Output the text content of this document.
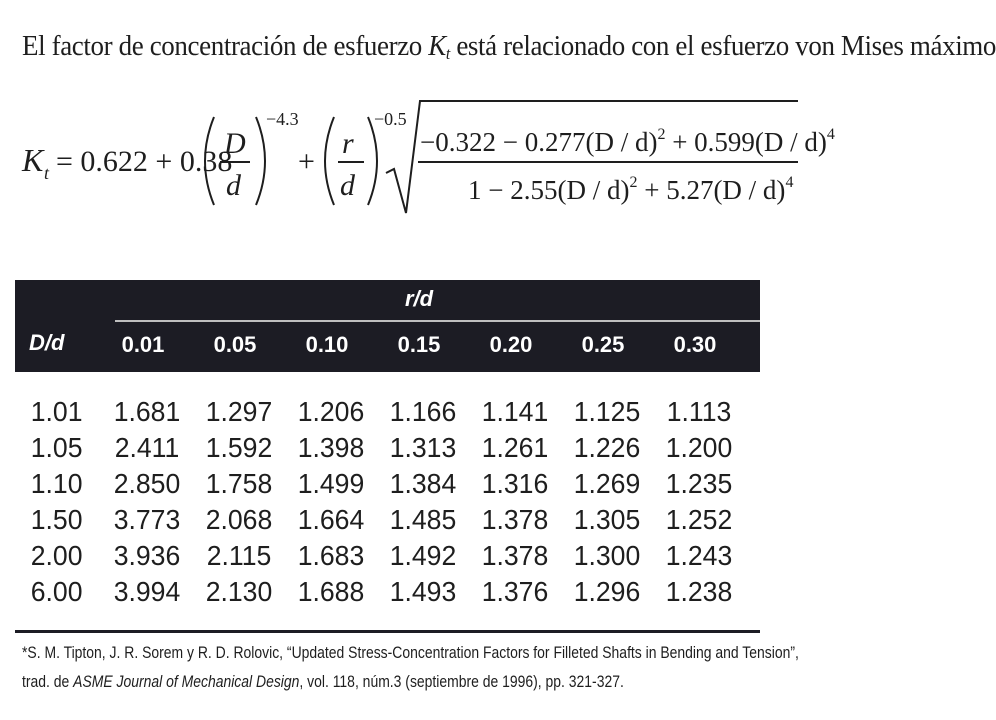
El factor de concentración de esfuerzo $K_t$ está relacionado con el esfuerzo von Mises máximo
K t = 0.622 + 0.38
D
d
−4.3
+
r
d
−0.5
−0.322 − 0.277(D / d)$^2$ + 0.599(D / d)$^4$
1 − 2.55(D / d)$^2$ + 5.27(D / d)$^4$
r/d
D/d	0.01	0.05	0.10	0.15	0.20	0.25	0.30
1.01	1.681 1.297 1.206 1.166 1.141 1.125 1.113
1.05	2.411 1.592 1.398 1.313 1.261 1.226 1.200
1.10	2.850 1.758 1.499 1.384 1.316 1.269 1.235
1.50	3.773 2.068 1.664 1.485 1.378 1.305 1.252
2.00	3.936 2.115 1.683 1.492 1.378 1.300 1.243
6.00	3.994 2.130 1.688 1.493 1.376 1.296 1.238
*S. M. Tipton, J. R. Sorem y R. D. Rolovic, “Updated Stress-Concentration Factors for Filleted Shafts in Bending and Tension”,
trad. de ASME Journal of Mechanical Design, vol. 118, núm.3 (septiembre de 1996), pp. 321-327.
